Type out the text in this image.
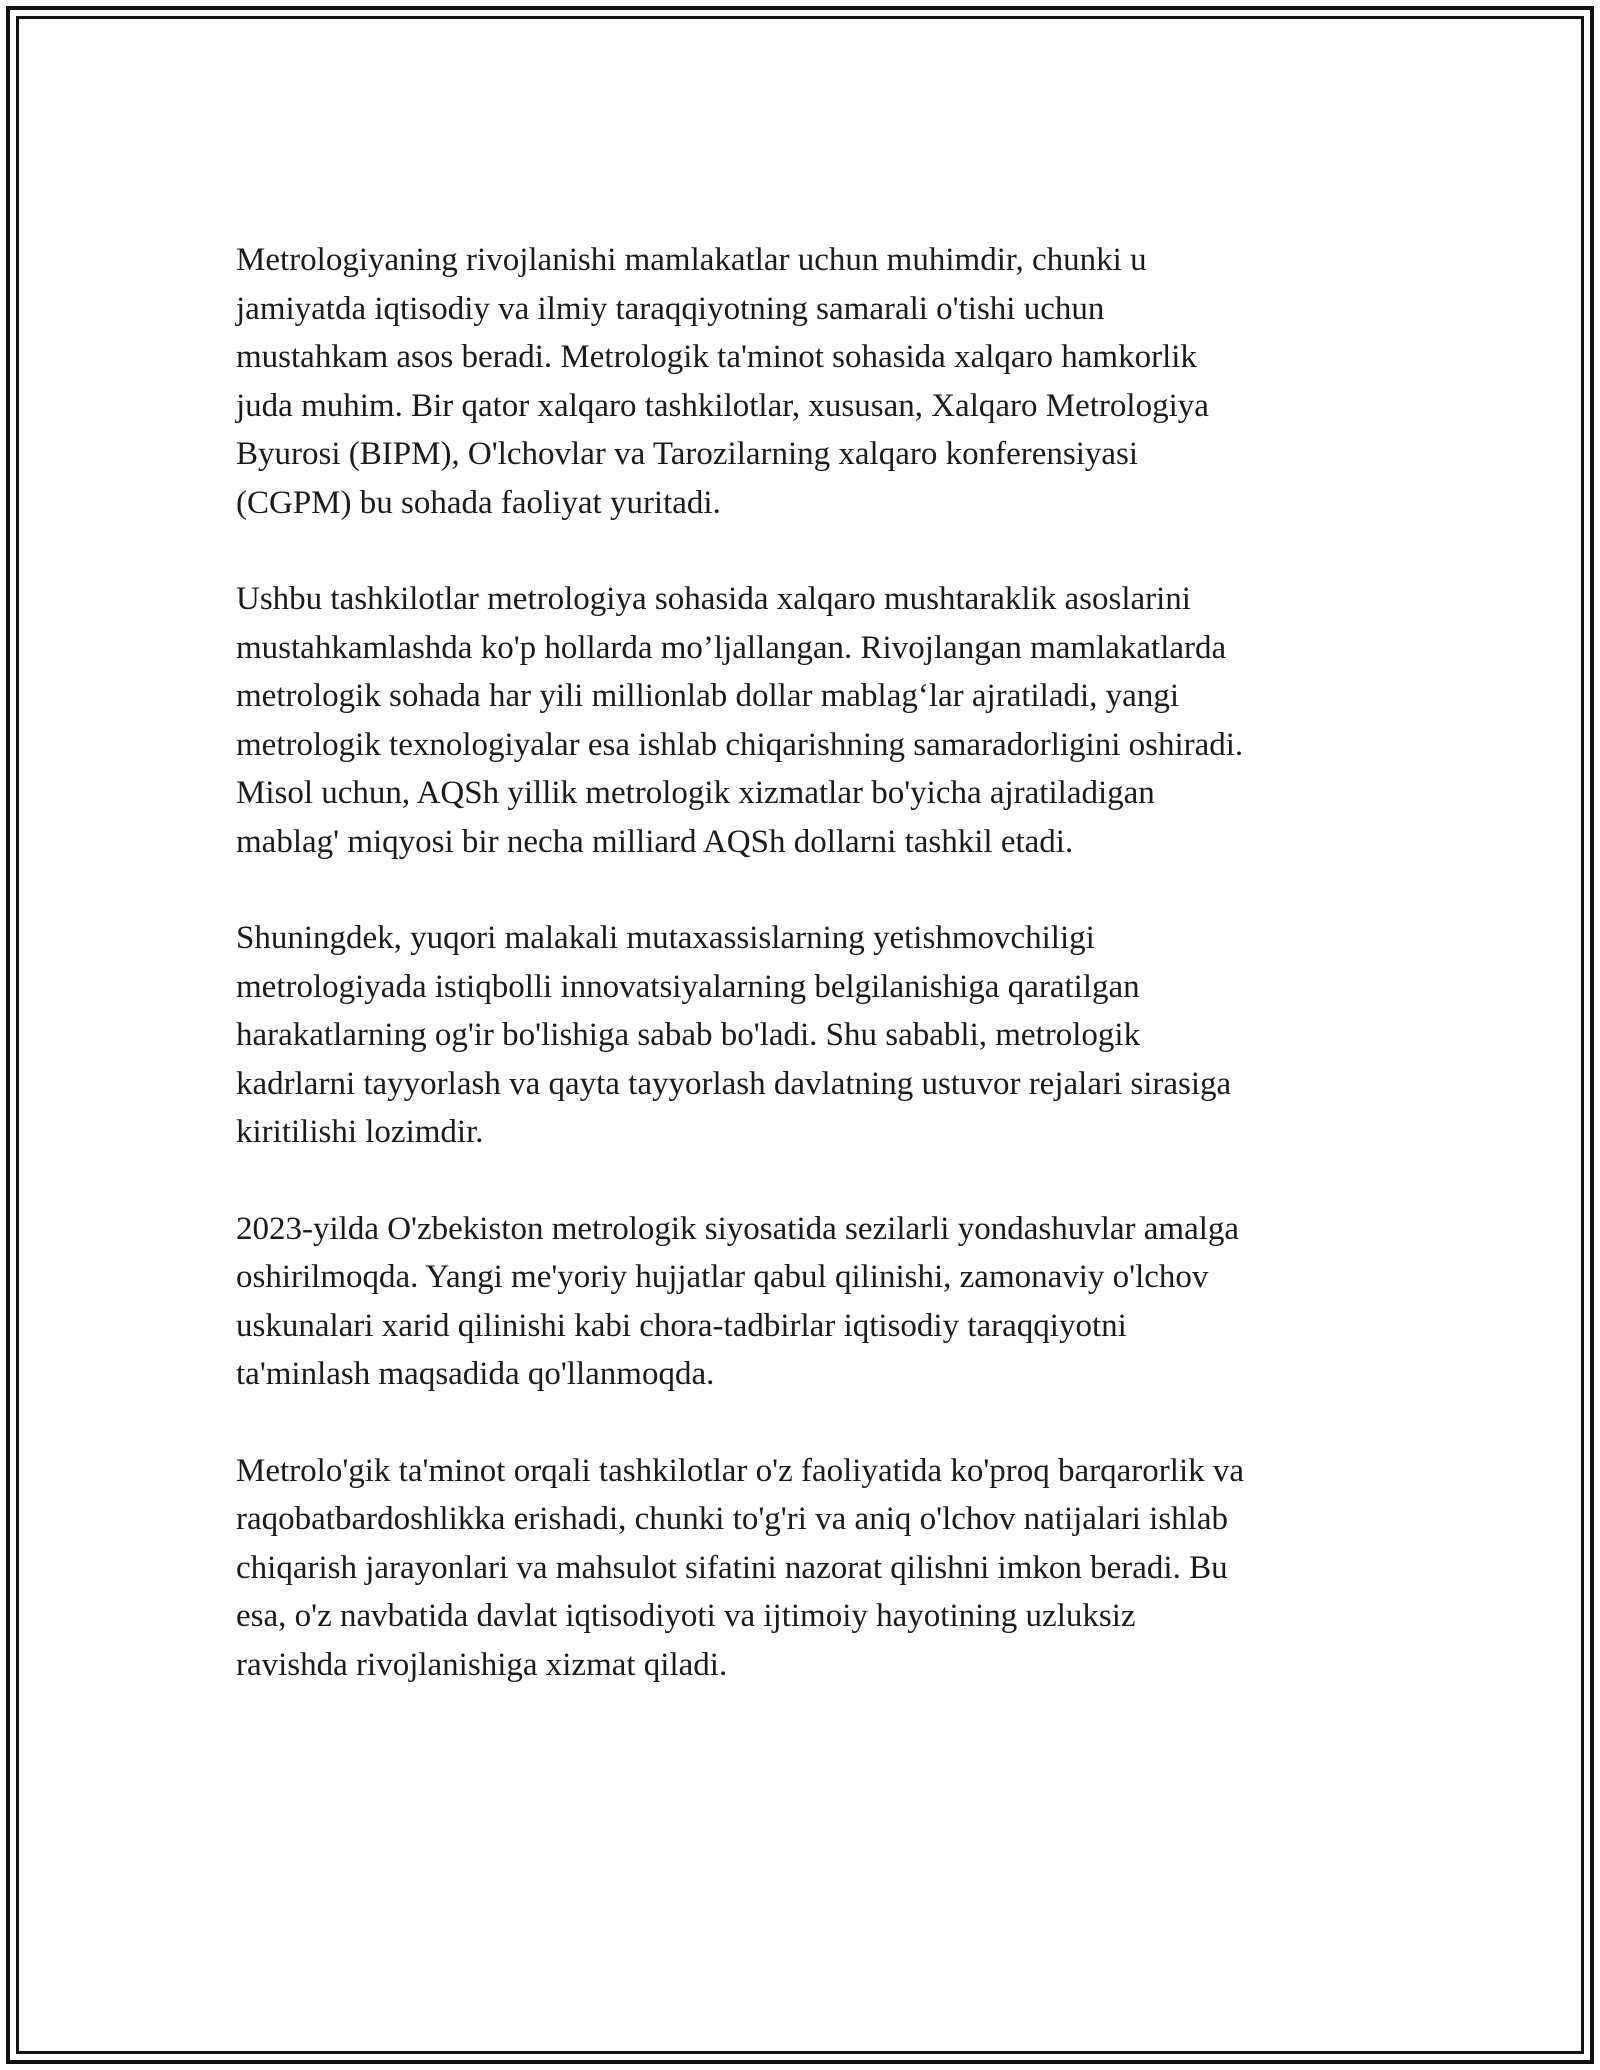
Metrologiyaning rivojlanishi mamlakatlar uchun muhimdir, chunki u
jamiyatda iqtisodiy va ilmiy taraqqiyotning samarali o'tishi uchun
mustahkam asos beradi. Metrologik ta'minot sohasida xalqaro hamkorlik
juda muhim. Bir qator xalqaro tashkilotlar, xususan, Xalqaro Metrologiya
Byurosi (BIPM), O'lchovlar va Tarozilarning xalqaro konferensiyasi
(CGPM) bu sohada faoliyat yuritadi.

Ushbu tashkilotlar metrologiya sohasida xalqaro mushtaraklik asoslarini
mustahkamlashda ko'p hollarda mo’ljallangan. Rivojlangan mamlakatlarda
metrologik sohada har yili millionlab dollar mablag‘lar ajratiladi, yangi
metrologik texnologiyalar esa ishlab chiqarishning samaradorligini oshiradi.
Misol uchun, AQSh yillik metrologik xizmatlar bo'yicha ajratiladigan
mablag' miqyosi bir necha milliard AQSh dollarni tashkil etadi.

Shuningdek, yuqori malakali mutaxassislarning yetishmovchiligi
metrologiyada istiqbolli innovatsiyalarning belgilanishiga qaratilgan
harakatlarning og'ir bo'lishiga sabab bo'ladi. Shu sababli, metrologik
kadrlarni tayyorlash va qayta tayyorlash davlatning ustuvor rejalari sirasiga
kiritilishi lozimdir.

2023-yilda O'zbekiston metrologik siyosatida sezilarli yondashuvlar amalga
oshirilmoqda. Yangi me'yoriy hujjatlar qabul qilinishi, zamonaviy o'lchov
uskunalari xarid qilinishi kabi chora-tadbirlar iqtisodiy taraqqiyotni
ta'minlash maqsadida qo'llanmoqda.

Metrolo'gik ta'minot orqali tashkilotlar o'z faoliyatida ko'proq barqarorlik va
raqobatbardoshlikka erishadi, chunki to'g'ri va aniq o'lchov natijalari ishlab
chiqarish jarayonlari va mahsulot sifatini nazorat qilishni imkon beradi. Bu
esa, o'z navbatida davlat iqtisodiyoti va ijtimoiy hayotining uzluksiz
ravishda rivojlanishiga xizmat qiladi.
